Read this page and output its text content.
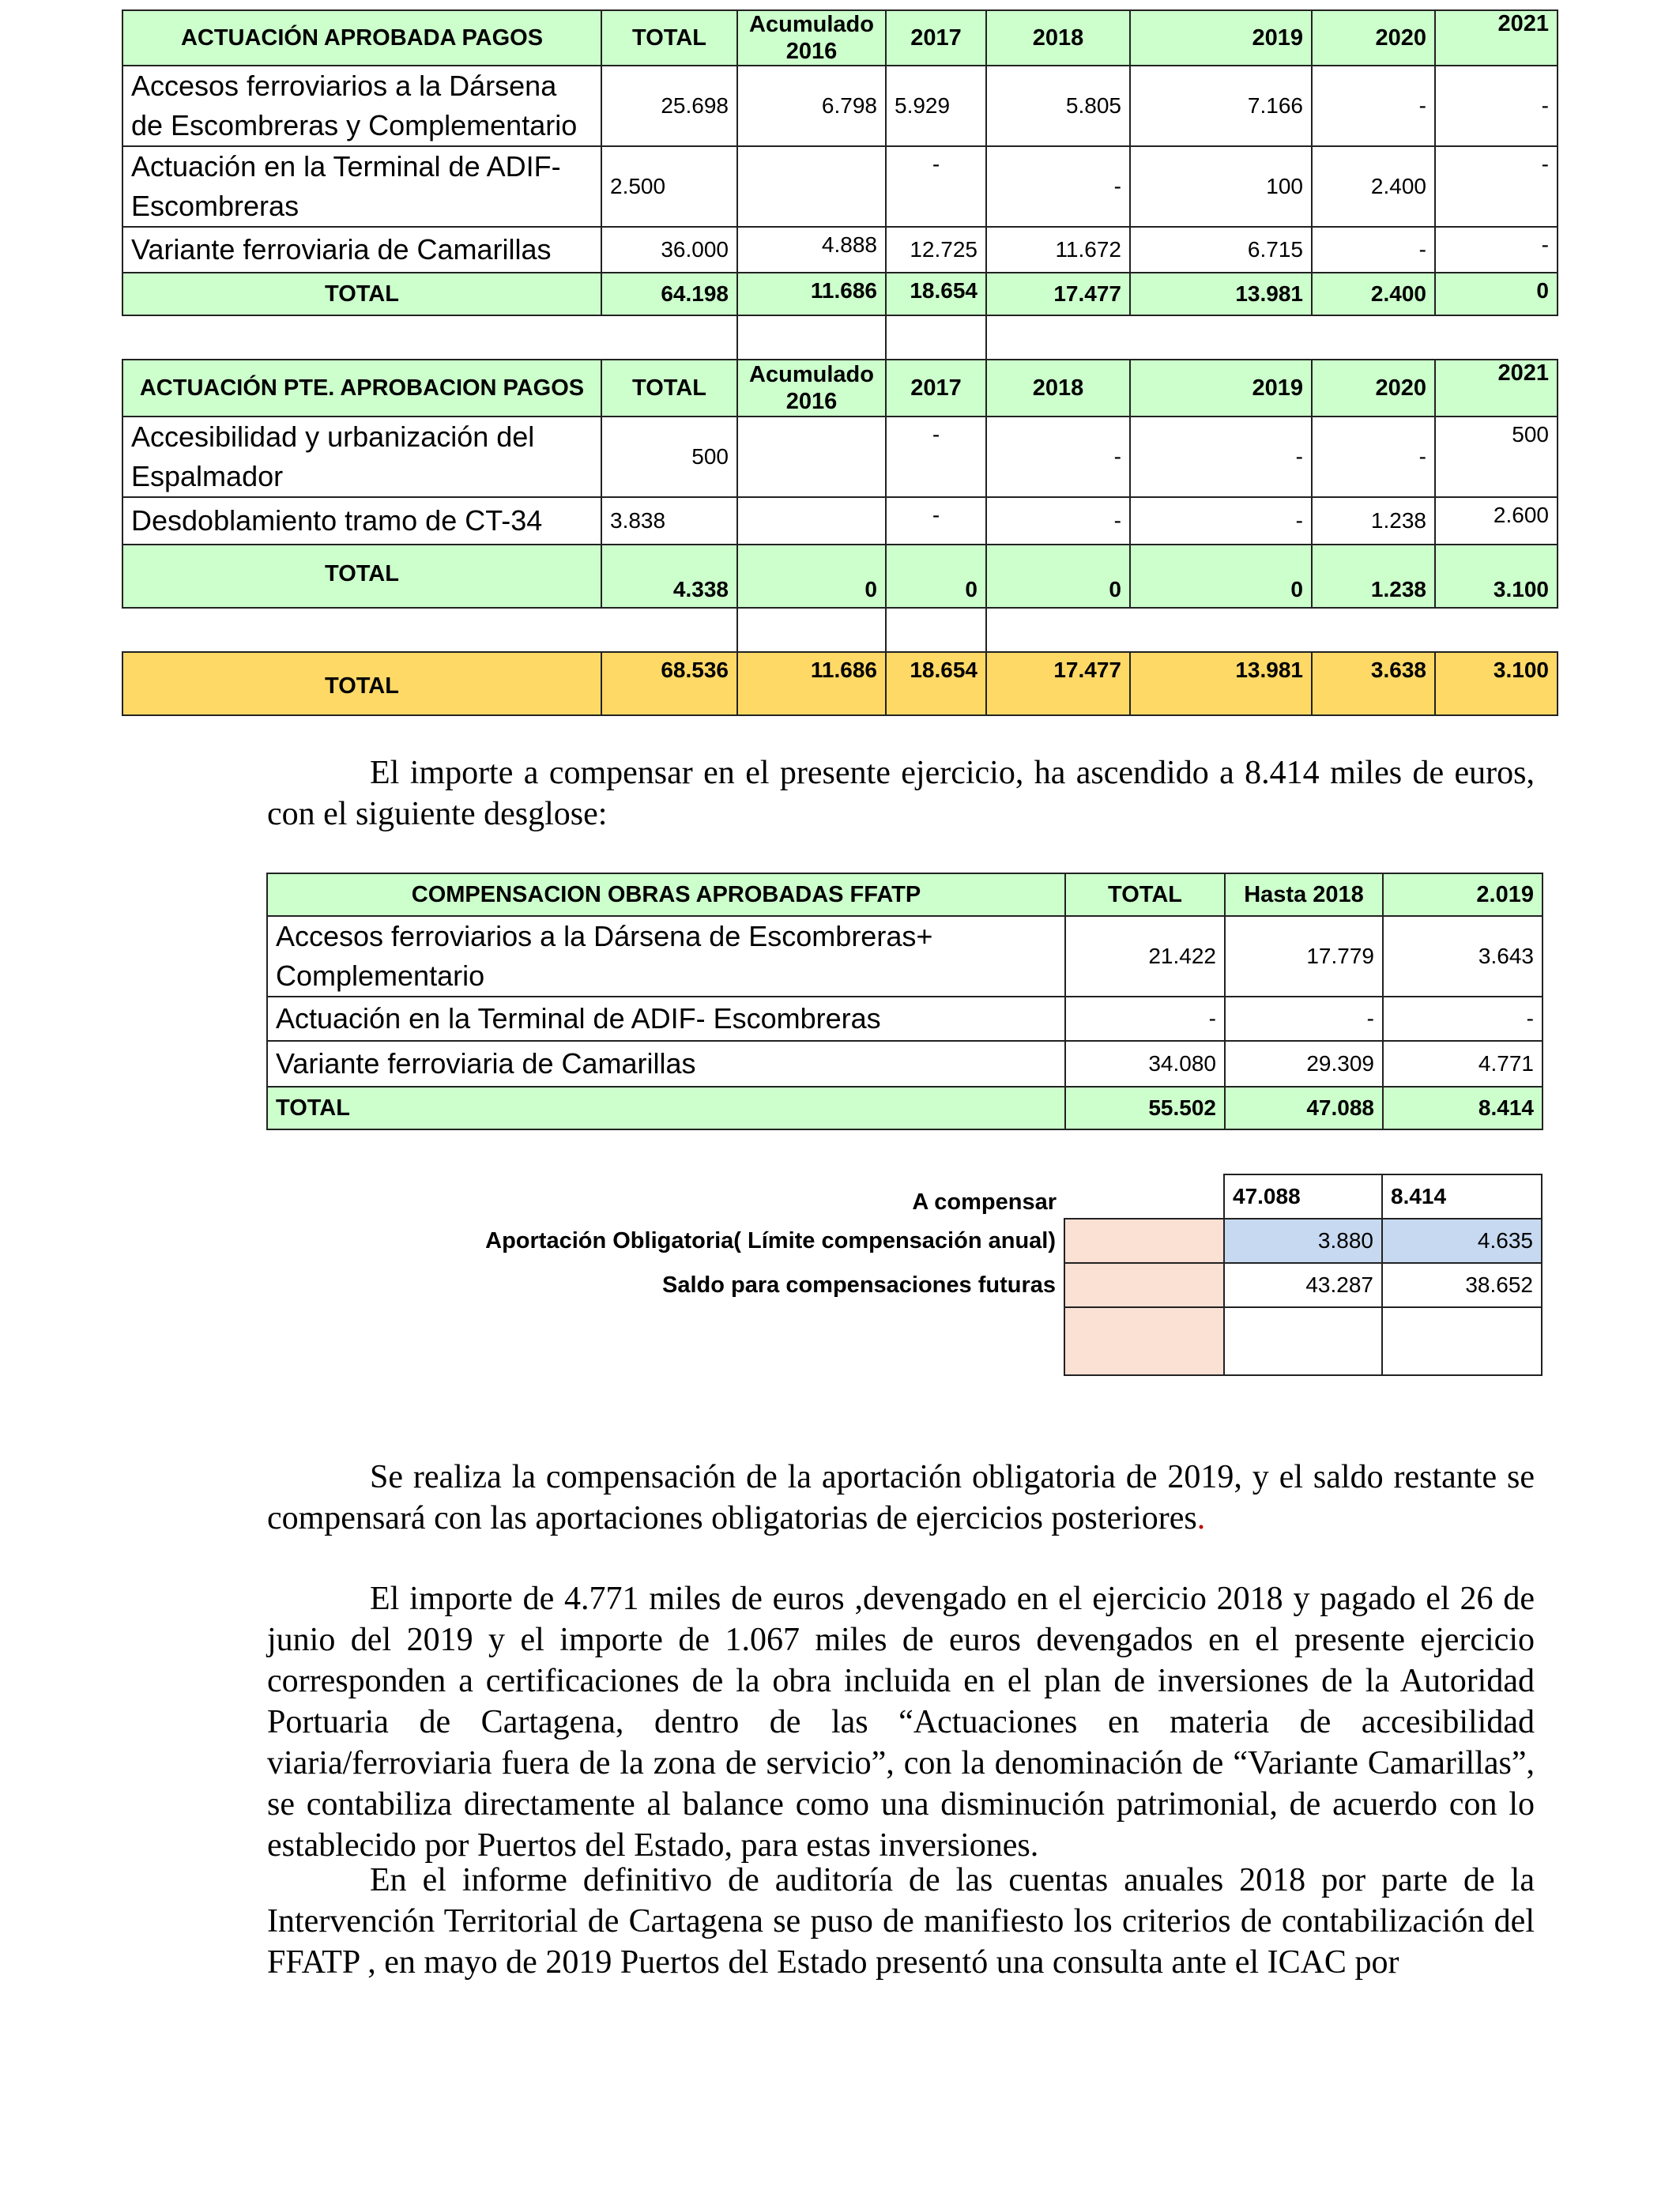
ACTUACIÓN APROBADA PAGOS	TOTAL	Acumulado 2016	2017	2018	2019	2020	2021
Accesos ferroviarios a la Dársena de Escombreras y Complementario	25.698	6.798	5.929	5.805	7.166	-	-
Actuación en la Terminal de ADIF-Escombreras	2.500		-	-	100	2.400	-
Variante ferroviaria de Camarillas	36.000	4.888	12.725	11.672	6.715	-	-
TOTAL	64.198	11.686	18.654	17.477	13.981	2.400	0

ACTUACIÓN PTE. APROBACION PAGOS	TOTAL	Acumulado 2016	2017	2018	2019	2020	2021
Accesibilidad y urbanización del Espalmador	500		-	-	-	-	500
Desdoblamiento tramo de CT-34	3.838		-	-	-	1.238	2.600
TOTAL	4.338	0	0	0	0	1.238	3.100

TOTAL	68.536	11.686	18.654	17.477	13.981	3.638	3.100
El importe a compensar en el presente ejercicio, ha ascendido a 8.414 miles de euros, con el siguiente desglose:
COMPENSACION OBRAS APROBADAS FFATP	TOTAL	Hasta 2018	2.019
Accesos ferroviarios a la Dársena de Escombreras+ Complementario	21.422	17.779	3.643
Actuación en la Terminal de ADIF- Escombreras	-	-	-
Variante ferroviaria de Camarillas	34.080	29.309	4.771
TOTAL	55.502	47.088	8.414
A compensar		47.088	8.414
Aportación Obligatoria( Límite compensación anual)		3.880	4.635
Saldo para compensaciones futuras		43.287	38.652

Se realiza la compensación de la aportación obligatoria de 2019, y el saldo restante se compensará con las aportaciones obligatorias de ejercicios posteriores.
El importe de 4.771 miles de euros ,devengado en el ejercicio 2018 y pagado el 26 de junio del 2019 y el importe de 1.067 miles de euros devengados en el presente ejercicio corresponden a certificaciones de la obra incluida en el plan de inversiones de la Autoridad Portuaria de Cartagena, dentro de las “Actuaciones en materia de accesibilidad viaria/ferroviaria fuera de la zona de servicio”, con la denominación de “Variante Camarillas”, se contabiliza directamente al balance como una disminución patrimonial, de acuerdo con lo establecido por Puertos del Estado, para estas inversiones.
En el informe definitivo de auditoría de las cuentas anuales 2018 por parte de la Intervención Territorial de Cartagena se puso de manifiesto los criterios de contabilización del FFATP , en mayo de 2019 Puertos del Estado presentó una consulta ante el ICAC por
